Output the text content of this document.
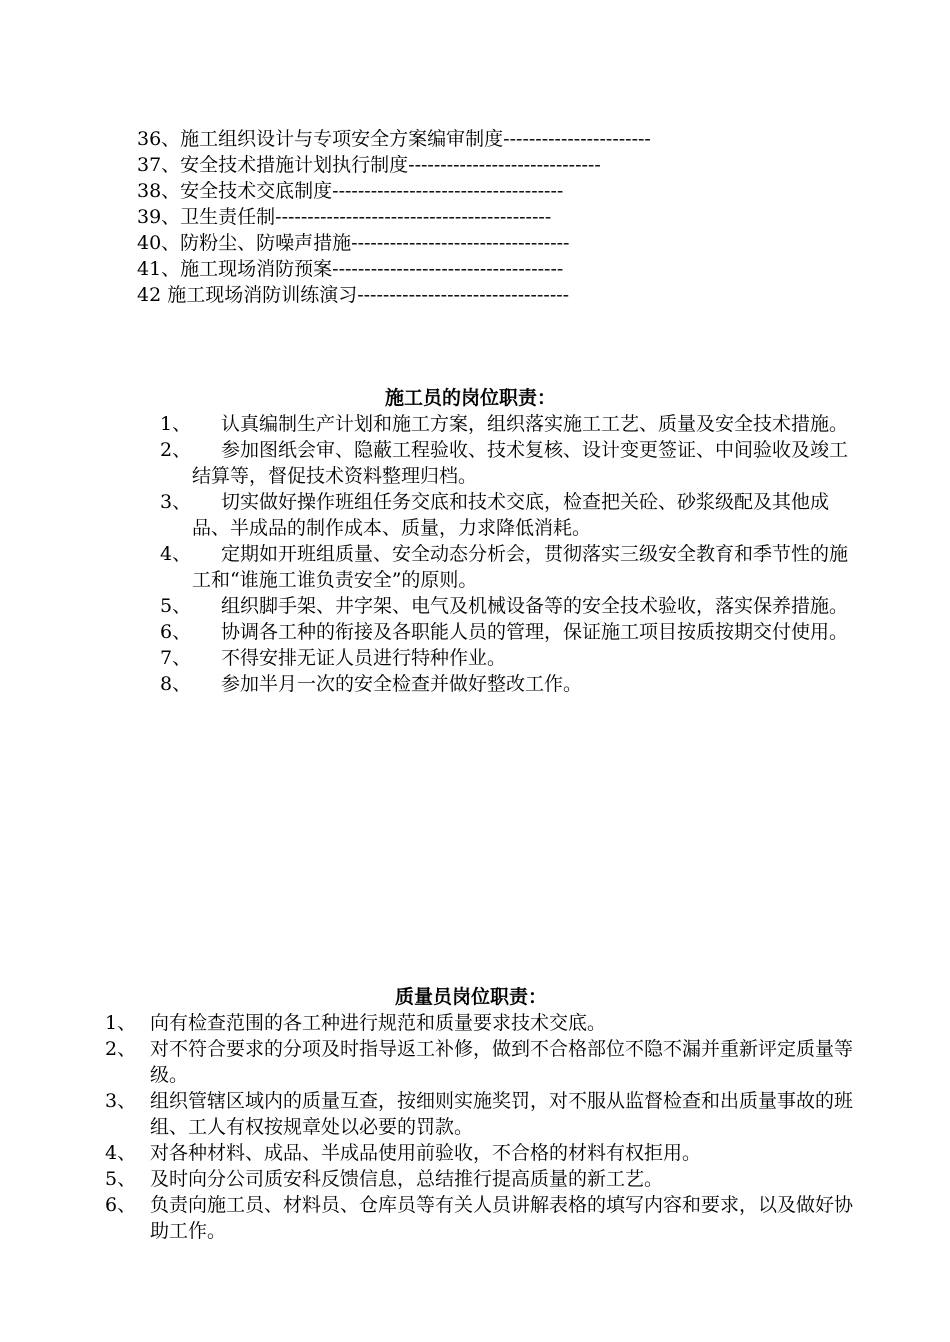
36、施工组织设计与专项安全方案编审制度-----------------------
37、安全技术措施计划执行制度------------------------------
38、安全技术交底制度------------------------------------
39、卫生责任制-------------------------------------------
40、防粉尘、防噪声措施----------------------------------
41、施工现场消防预案------------------------------------
42 施工现场消防训练演习---------------------------------
施工员的岗位职责：
1、	认真编制生产计划和施工方案，组织落实施工工艺、质量及安全技术措施。
2、	参加图纸会审、隐蔽工程验收、技术复核、设计变更签证、中间验收及竣工结算等，督促技术资料整理归档。
3、	切实做好操作班组任务交底和技术交底，检查把关砼、砂浆级配及其他成品、半成品的制作成本、质量，力求降低消耗。
4、	定期如开班组质量、安全动态分析会，贯彻落实三级安全教育和季节性的施工和“谁施工谁负责安全”的原则。
5、	组织脚手架、井字架、电气及机械设备等的安全技术验收，落实保养措施。
6、	协调各工种的衔接及各职能人员的管理，保证施工项目按质按期交付使用。
7、	不得安排无证人员进行特种作业。
8、	参加半月一次的安全检查并做好整改工作。
质量员岗位职责：
1、 向有检查范围的各工种进行规范和质量要求技术交底。
2、 对不符合要求的分项及时指导返工补修，做到不合格部位不隐不漏并重新评定质量等级。
3、 组织管辖区域内的质量互查，按细则实施奖罚，对不服从监督检查和出质量事故的班组、工人有权按规章处以必要的罚款。
4、 对各种材料、成品、半成品使用前验收，不合格的材料有权拒用。
5、 及时向分公司质安科反馈信息，总结推行提高质量的新工艺。
6、 负责向施工员、材料员、仓库员等有关人员讲解表格的填写内容和要求，以及做好协助工作。
